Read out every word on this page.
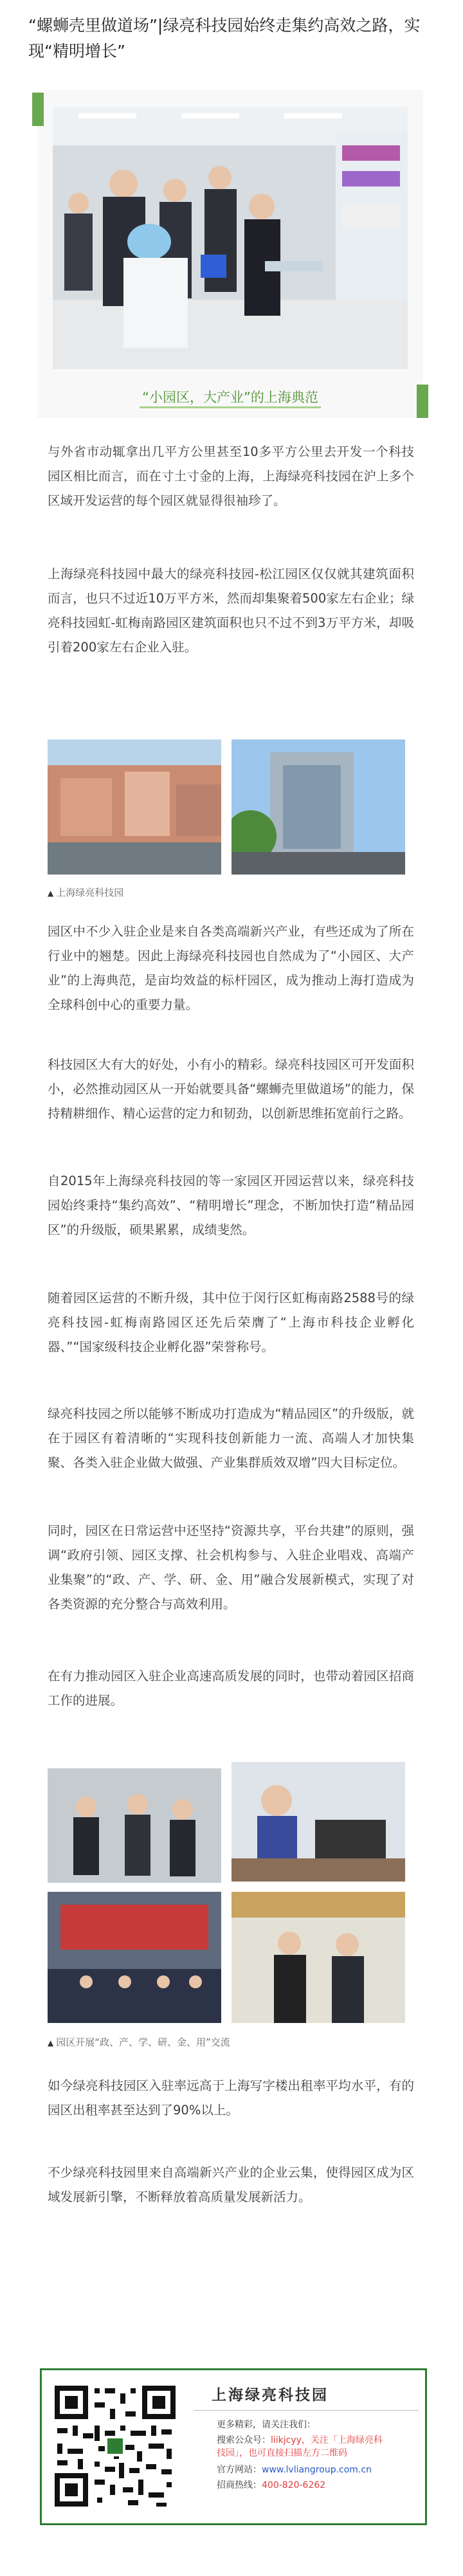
“螺蛳壳里做道场”|绿亮科技园始终走集约高效之路，实现“精明增长”
“小园区，大产业”的上海典范

与外省市动辄拿出几平方公里甚至10多平方公里去开发一个科技园区相比而言，而在寸土寸金的上海，上海绿亮科技园在沪上多个区域开发运营的每个园区就显得很袖珍了。

上海绿亮科技园中最大的绿亮科技园-松江园区仅仅就其建筑面积而言，也只不过近10万平方米，然而却集聚着500家左右企业；绿亮科技园虹-虹梅南路园区建筑面积也只不过不到3万平方米，却吸引着200家左右企业入驻。

▲ 上海绿亮科技园

园区中不少入驻企业是来自各类高端新兴产业，有些还成为了所在行业中的翘楚。因此上海绿亮科技园也自然成为了“小园区、大产业”的上海典范，是亩均效益的标杆园区，成为推动上海打造成为全球科创中心的重要力量。

科技园区大有大的好处，小有小的精彩。绿亮科技园区可开发面积小，必然推动园区从一开始就要具备“螺蛳壳里做道场”的能力，保持精耕细作、精心运营的定力和韧劲，以创新思维拓宽前行之路。

自2015年上海绿亮科技园的等一家园区开园运营以来，绿亮科技园始终秉持“集约高效”、“精明增长”理念，不断加快打造“精品园区”的升级版，硕果累累，成绩斐然。

随着园区运营的不断升级，其中位于闵行区虹梅南路2588号的绿亮科技园-虹梅南路园区还先后荣膺了“上海市科技企业孵化器、”“国家级科技企业孵化器”荣誉称号。

绿亮科技园之所以能够不断成功打造成为“精品园区”的升级版，就在于园区有着清晰的“实现科技创新能力一流、高端人才加快集聚、各类入驻企业做大做强、产业集群质效双增”四大目标定位。

同时，园区在日常运营中还坚持“资源共享，平台共建”的原则，强调“政府引领、园区支撑、社会机构参与、入驻企业唱戏、高端产业集聚”的“政、产、学、研、金、用”融合发展新模式，实现了对各类资源的充分整合与高效利用。

在有力推动园区入驻企业高速高质发展的同时，也带动着园区招商工作的进展。

▲ 园区开展“政、产、学、研、金、用”交流

如今绿亮科技园区入驻率远高于上海写字楼出租率平均水平，有的园区出租率甚至达到了90%以上。

不少绿亮科技园里来自高端新兴产业的企业云集，使得园区成为区域发展新引擎，不断释放着高质量发展新活力。

上海绿亮科技园
更多精彩，请关注我们：
搜索公众号：liikjcyy，关注「上海绿亮科
技园」，也可直接扫描左方二维码
官方网站：www.lvliangroup.com.cn
招商热线：400-820-6262
